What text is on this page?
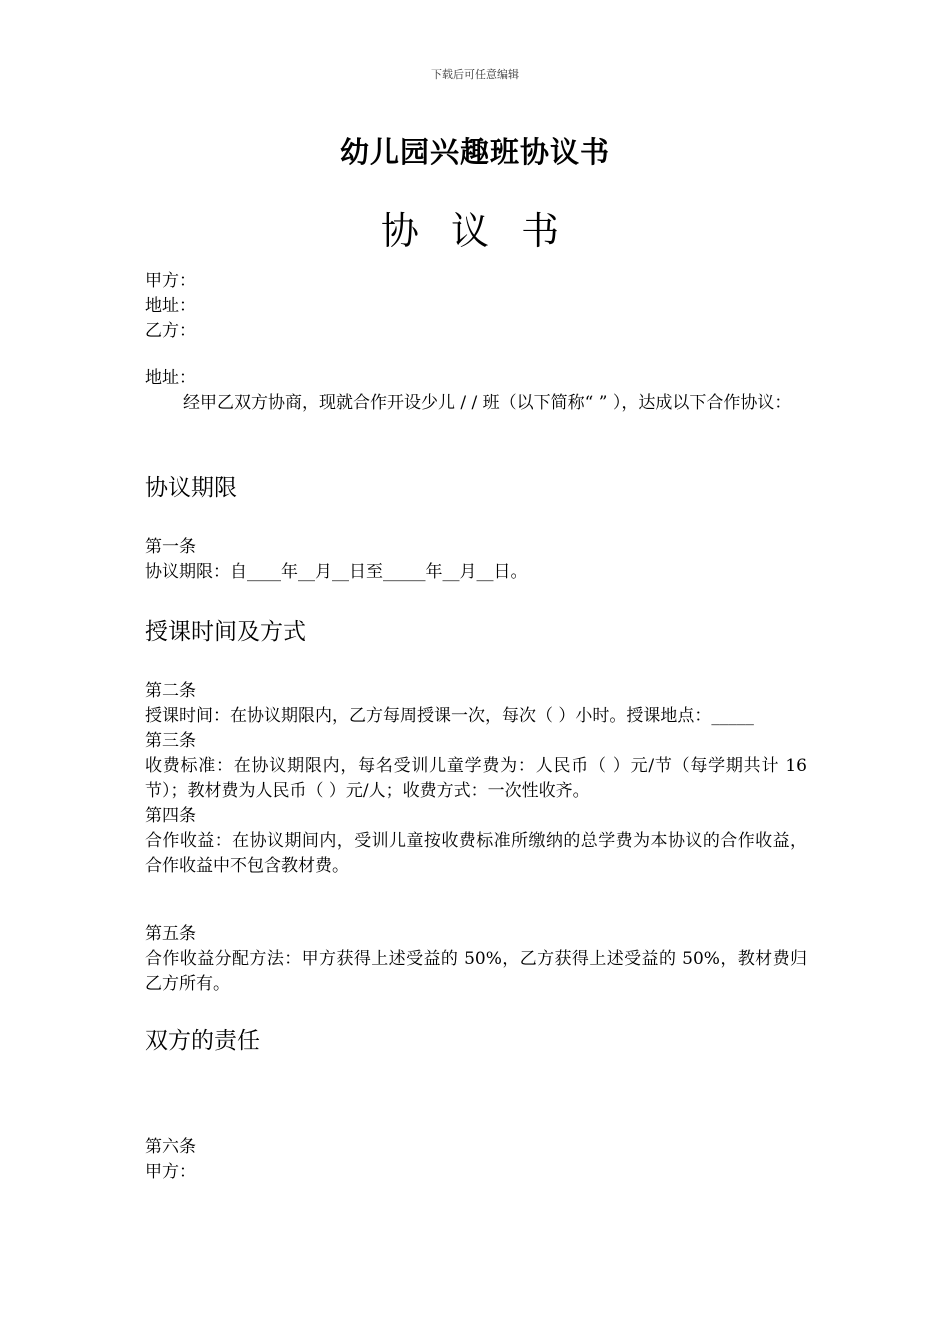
下载后可任意编辑
幼儿园兴趣班协议书
协 议 书
甲方：
地址：
乙方：
地址：
经甲乙双方协商，现就合作开设少儿 / / 班（以下简称“ ” ），达成以下合作协议：
协议期限
第一条
协议期限：自____年__月__日至_____年__月__日。
授课时间及方式
第二条
授课时间：在协议期限内，乙方每周授课一次，每次（ ）小时。授课地点：_____
第三条
收费标准：在协议期限内，每名受训儿童学费为：人民币（ ）元/节（每学期共计 16 节）；教材费为人民币（ ）元/人；收费方式：一次性收齐。
第四条
合作收益：在协议期间内，受训儿童按收费标准所缴纳的总学费为本协议的合作收益，合作收益中不包含教材费。
第五条
合作收益分配方法：甲方获得上述受益的 50%，乙方获得上述受益的 50%，教材费归乙方所有。
双方的责任
第六条
甲方：
